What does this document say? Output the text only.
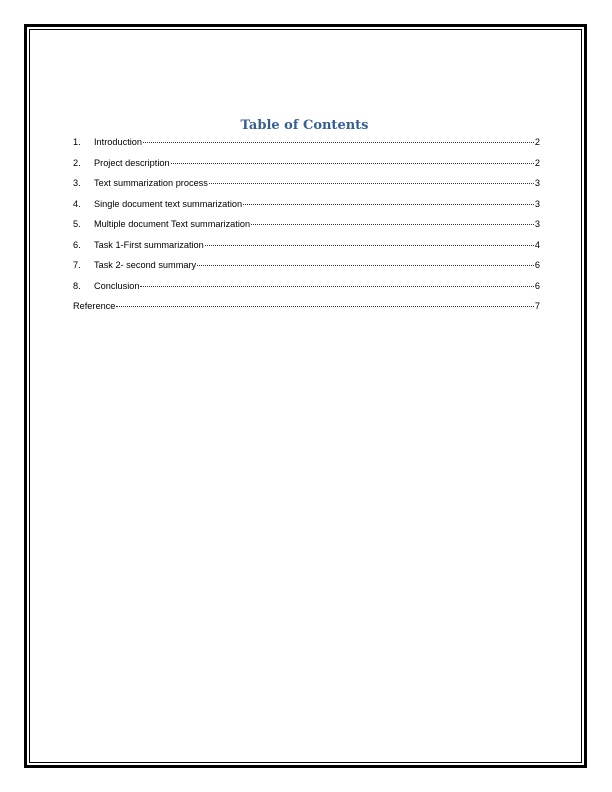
Table of Contents
1.	Introduction	2
2.	Project description	2
3.	Text summarization process	3
4.	Single document text summarization	3
5.	Multiple document Text summarization	3
6.	Task 1-First summarization	4
7.	Task 2- second summary	6
8.	Conclusion	6
Reference	7
